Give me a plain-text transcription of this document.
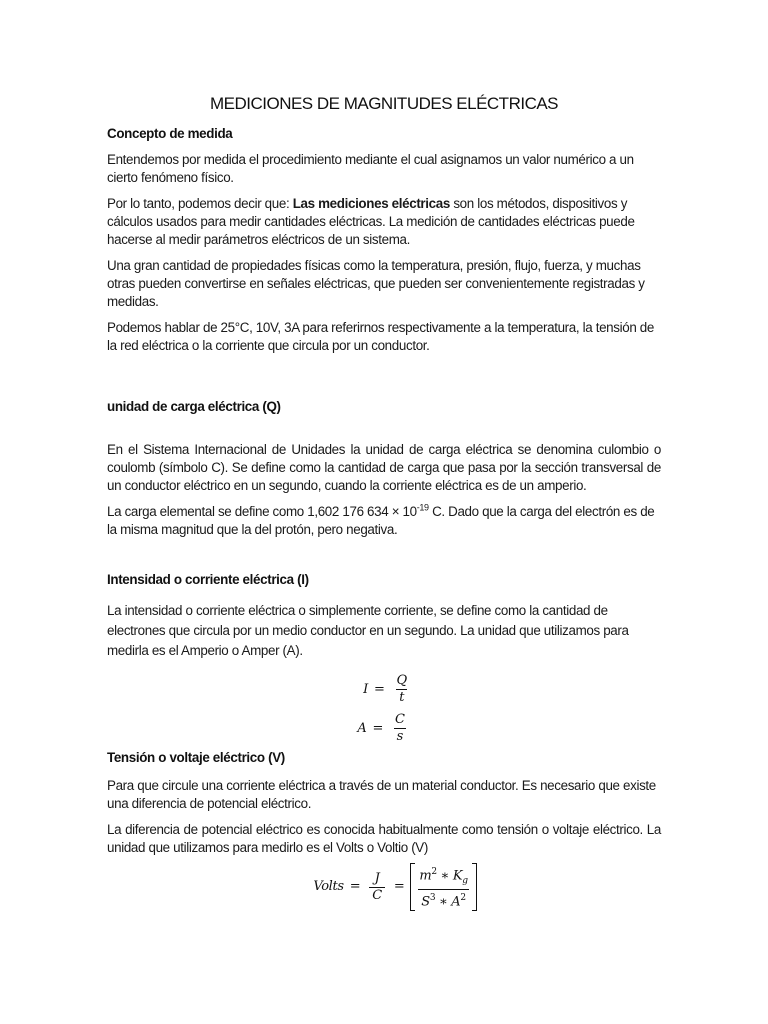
MEDICIONES DE MAGNITUDES ELÉCTRICAS
Concepto de medida

Entendemos por medida el procedimiento mediante el cual asignamos un valor numérico a un cierto fenómeno físico.

Por lo tanto, podemos decir que: Las mediciones eléctricas son los métodos, dispositivos y cálculos usados para medir cantidades eléctricas. La medición de cantidades eléctricas puede hacerse al medir parámetros eléctricos de un sistema.

Una gran cantidad de propiedades físicas como la temperatura, presión, flujo, fuerza, y muchas otras pueden convertirse en señales eléctricas, que pueden ser convenientemente registradas y medidas.

Podemos hablar de 25°C, 10V, 3A para referirnos respectivamente a la temperatura, la tensión de la red eléctrica o la corriente que circula por un conductor.

unidad de carga eléctrica (Q)

En el Sistema Internacional de Unidades la unidad de carga eléctrica se denomina culombio o coulomb (símbolo C). Se define como la cantidad de carga que pasa por la sección transversal de un conductor eléctrico en un segundo, cuando la corriente eléctrica es de un amperio.

La carga elemental se define como 1,602 176 $634 \times 10^{-19}$ C. Dado que la carga del electrón es de la misma magnitud que la del protón, pero negativa.

Intensidad o corriente eléctrica (I)

La intensidad o corriente eléctrica o simplemente corriente, se define como la cantidad de electrones que circula por un medio conductor en un segundo. La unidad que utilizamos para medirla es el Amperio o Amper (A).

$I = \frac{Q}{t}$
$A = \frac{C}{s}$
Tensión o voltaje eléctrico (V)

Para que circule una corriente eléctrica a través de un material conductor. Es necesario que existe una diferencia de potencial eléctrico.

La diferencia de potencial eléctrico es conocida habitualmente como tensión o voltaje eléctrico. La unidad que utilizamos para medirlo es el Volts o Voltio (V)

Volts = $\frac{J}{C} = \frac{m^2 ∗ K_g}{S^3 ∗ A^2}$
